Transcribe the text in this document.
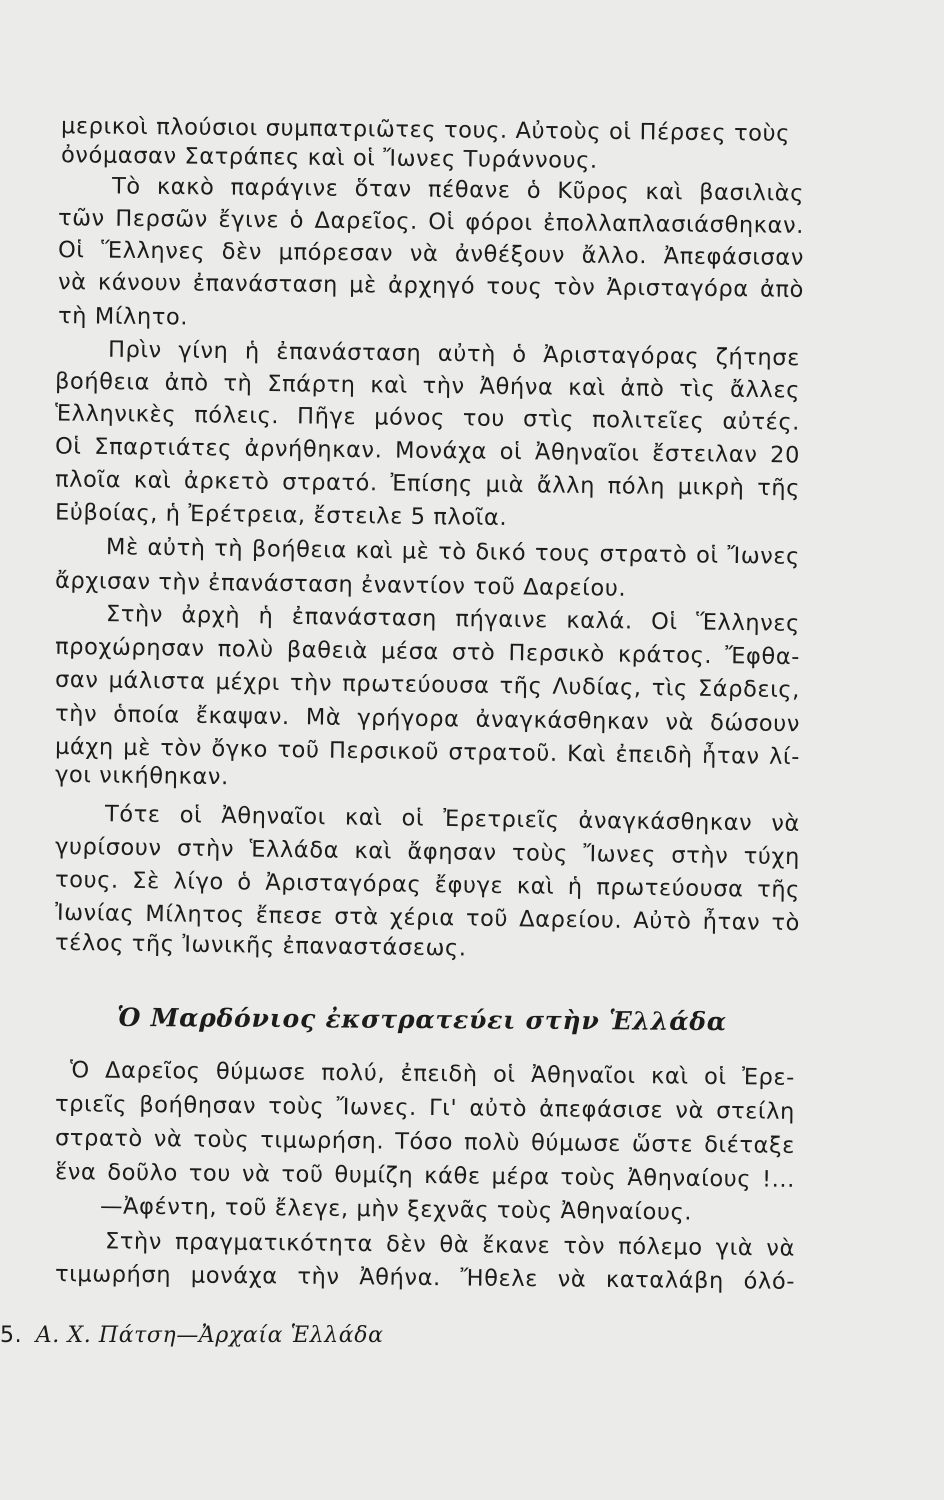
μερικοὶ πλούσιοι συμπατριῶτες τους. Αὐτοὺς οἱ Πέρσες τοὺς
ὀνόμασαν Σατράπες καὶ οἱ Ἴωνες Τυράννους.
Τὸ κακὸ παράγινε ὅταν πέθανε ὁ Κῦρος καὶ βασιλιὰς
τῶν Περσῶν ἔγινε ὁ Δαρεῖος. Οἱ φόροι ἐπολλαπλασιάσθηκαν.
Οἱ Ἕλληνες δὲν μπόρεσαν νὰ ἀνθέξουν ἄλλο. Ἀπεφάσισαν
νὰ κάνουν ἐπανάσταση μὲ ἀρχηγό τους τὸν Ἀρισταγόρα ἀπὸ
τὴ Μίλητο.
Πρὶν γίνη ἡ ἐπανάσταση αὐτὴ ὁ Ἀρισταγόρας ζήτησε
βοήθεια ἀπὸ τὴ Σπάρτη καὶ τὴν Ἀθήνα καὶ ἀπὸ τὶς ἄλλες
Ἑλληνικὲς πόλεις. Πῆγε μόνος του στὶς πολιτεῖες αὐτές.
Οἱ Σπαρτιάτες ἀρνήθηκαν. Μονάχα οἱ Ἀθηναῖοι ἔστειλαν 20
πλοῖα καὶ ἀρκετὸ στρατό. Ἐπίσης μιὰ ἄλλη πόλη μικρὴ τῆς
Εὐβοίας, ἡ Ἐρέτρεια, ἔστειλε 5 πλοῖα.
Μὲ αὐτὴ τὴ βοήθεια καὶ μὲ τὸ δικό τους στρατὸ οἱ Ἴωνες
ἄρχισαν τὴν ἐπανάσταση ἐναντίον τοῦ Δαρείου.
Στὴν ἀρχὴ ἡ ἐπανάσταση πήγαινε καλά. Οἱ Ἕλληνες
προχώρησαν πολὺ βαθειὰ μέσα στὸ Περσικὸ κράτος. Ἔφθα-
σαν μάλιστα μέχρι τὴν πρωτεύουσα τῆς Λυδίας, τὶς Σάρδεις,
τὴν ὁποία ἔκαψαν. Μὰ γρήγορα ἀναγκάσθηκαν νὰ δώσουν
μάχη μὲ τὸν ὄγκο τοῦ Περσικοῦ στρατοῦ. Καὶ ἐπειδὴ ἦταν λί-
γοι νικήθηκαν.
Τότε οἱ Ἀθηναῖοι καὶ οἱ Ἐρετριεῖς ἀναγκάσθηκαν νὰ
γυρίσουν στὴν Ἑλλάδα καὶ ἄφησαν τοὺς Ἴωνες στὴν τύχη
τους. Σὲ λίγο ὁ Ἀρισταγόρας ἔφυγε καὶ ἡ πρωτεύουσα τῆς
Ἰωνίας Μίλητος ἔπεσε στὰ χέρια τοῦ Δαρείου. Αὐτὸ ἦταν τὸ
τέλος τῆς Ἰωνικῆς ἐπαναστάσεως.
Ὁ Μαρδόνιος ἐκστρατεύει στὴν Ἑλλάδα
Ὁ Δαρεῖος θύμωσε πολύ, ἐπειδὴ οἱ Ἀθηναῖοι καὶ οἱ Ἐρε-
τριεῖς βοήθησαν τοὺς Ἴωνες. Γι' αὐτὸ ἀπεφάσισε νὰ στείλη
στρατὸ νὰ τοὺς τιμωρήση. Τόσο πολὺ θύμωσε ὥστε διέταξε
ἕνα δοῦλο του νὰ τοῦ θυμίζη κάθε μέρα τοὺς Ἀθηναίους !...
—Ἀφέντη, τοῦ ἔλεγε, μὴν ξεχνᾶς τοὺς Ἀθηναίους.
Στὴν πραγματικότητα δὲν θὰ ἔκανε τὸν πόλεμο γιὰ νὰ
τιμωρήση μονάχα τὴν Ἀθήνα. Ἤθελε νὰ καταλάβη όλό-
5. Α. Χ. Πάτση—Ἀρχαία Ἑλλάδα
